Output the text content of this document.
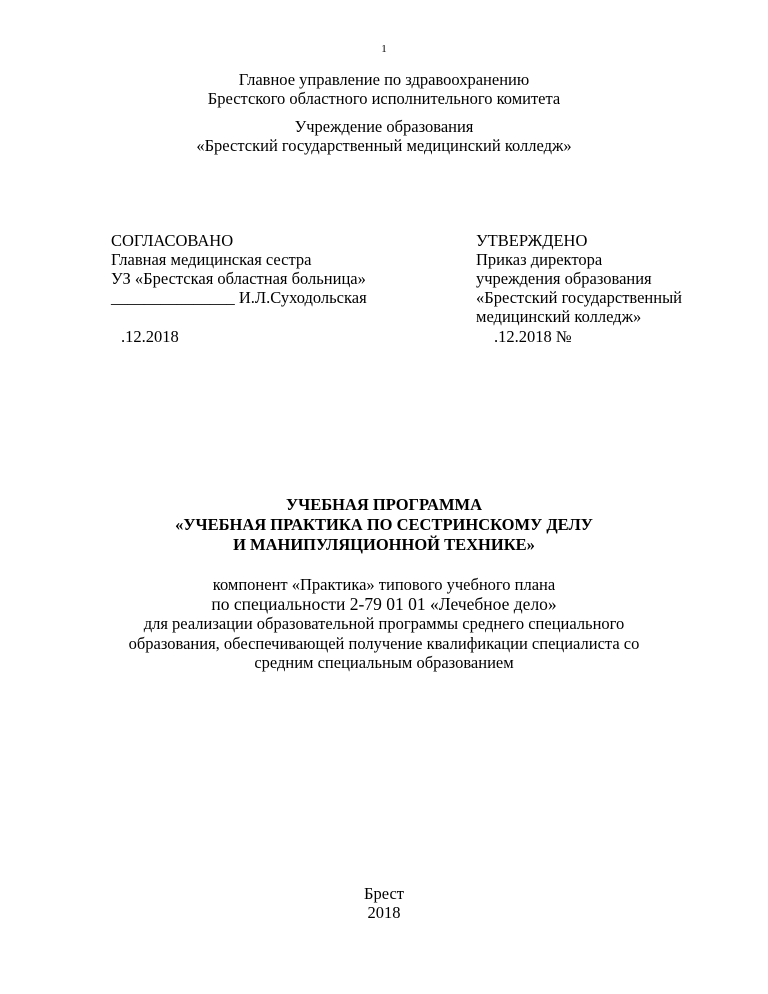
1
Главное управление по здравоохранению
Брестского областного исполнительного комитета
Учреждение образования
«Брестский государственный медицинский колледж»
СОГЛАСОВАНО
Главная медицинская сестра
УЗ «Брестская областная больница»
_______________ И.Л.Суходольская
.12.2018
УТВЕРЖДЕНО
Приказ директора
учреждения образования
«Брестский государственный
медицинский колледж»
.12.2018 №
УЧЕБНАЯ ПРОГРАММА
«УЧЕБНАЯ ПРАКТИКА ПО СЕСТРИНСКОМУ ДЕЛУ
И МАНИПУЛЯЦИОННОЙ ТЕХНИКЕ»
компонент «Практика» типового учебного плана
по специальности 2-79 01 01 «Лечебное дело»
для реализации образовательной программы среднего специального
образования, обеспечивающей получение квалификации специалиста со
средним специальным образованием
Брест
2018
